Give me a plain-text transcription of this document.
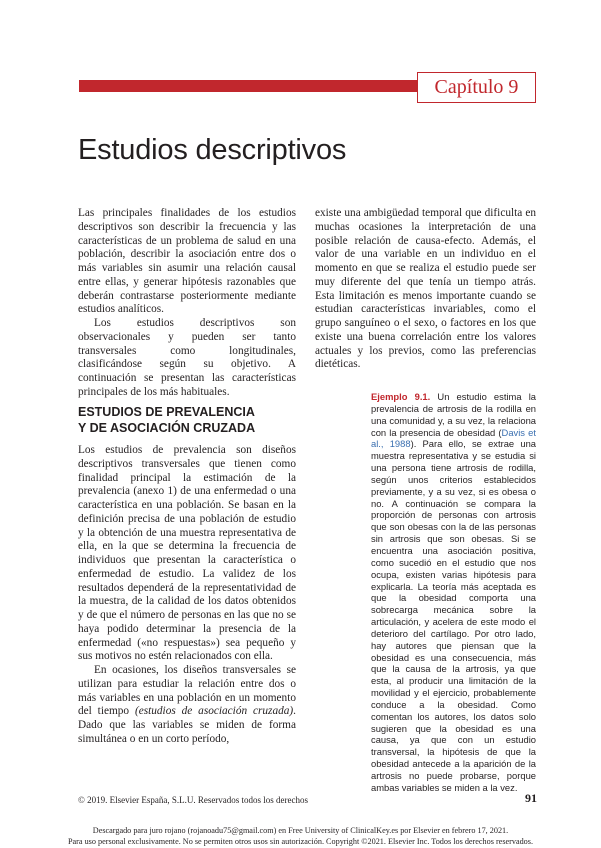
Capítulo 9
Estudios descriptivos

Las principales finalidades de los estudios descriptivos son describir la frecuencia y las características de un problema de salud en una población, describir la asociación entre dos o más variables sin asumir una relación causal entre ellas, y generar hipótesis razonables que deberán contrastarse posteriormente mediante estudios analíticos.

Los estudios descriptivos son observacionales y pueden ser tanto transversales como longitudinales, clasificándose según su objetivo. A continuación se presentan las características principales de los más habituales.

ESTUDIOS DE PREVALENCIA
Y DE ASOCIACIÓN CRUZADA

Los estudios de prevalencia son diseños descriptivos transversales que tienen como finalidad principal la estimación de la prevalencia (anexo 1) de una enfermedad o una característica en una población. Se basan en la definición precisa de una población de estudio y la obtención de una muestra representativa de ella, en la que se determina la frecuencia de individuos que presentan la característica o enfermedad de estudio. La validez de los resultados dependerá de la representatividad de la muestra, de la calidad de los datos obtenidos y de que el número de personas en las que no se haya podido determinar la presencia de la enfermedad («no respuestas») sea pequeño y sus motivos no estén relacionados con ella.

En ocasiones, los diseños transversales se utilizan para estudiar la relación entre dos o más variables en una población en un momento del tiempo (estudios de asociación cruzada). Dado que las variables se miden de forma simultánea o en un corto período,

existe una ambigüedad temporal que dificulta en muchas ocasiones la interpretación de una posible relación de causa-efecto. Además, el valor de una variable en un individuo en el momento en que se realiza el estudio puede ser muy diferente del que tenía un tiempo atrás. Esta limitación es menos importante cuando se estudian características invariables, como el grupo sanguíneo o el sexo, o factores en los que existe una buena correlación entre los valores actuales y los previos, como las preferencias dietéticas.

Ejemplo 9.1. Un estudio estima la prevalencia de artrosis de la rodilla en una comunidad y, a su vez, la relaciona con la presencia de obesidad (Davis et al., 1988). Para ello, se extrae una muestra representativa y se estudia si una persona tiene artrosis de rodilla, según unos criterios establecidos previamente, y a su vez, si es obesa o no. A continuación se compara la proporción de personas con artrosis que son obesas con la de las personas sin artrosis que son obesas. Si se encuentra una asociación positiva, como sucedió en el estudio que nos ocupa, existen varias hipótesis para explicarla. La teoría más aceptada es que la obesidad comporta una sobrecarga mecánica sobre la articulación, y acelera de este modo el deterioro del cartílago. Por otro lado, hay autores que piensan que la obesidad es una consecuencia, más que la causa de la artrosis, ya que esta, al producir una limitación de la movilidad y el ejercicio, probablemente conduce a la obesidad. Como comentan los autores, los datos solo sugieren que la obesidad es una causa, ya que con un estudio transversal, la hipótesis de que la obesidad antecede a la aparición de la artrosis no puede probarse, porque ambas variables se miden a la vez.
© 2019. Elsevier España, S.L.U. Reservados todos los derechos	91
Descargado para juro rojano (rojanoadu75@gmail.com) en Free University of ClinicalKey.es por Elsevier en febrero 17, 2021.
Para uso personal exclusivamente. No se permiten otros usos sin autorización. Copyright ©2021. Elsevier Inc. Todos los derechos reservados.
